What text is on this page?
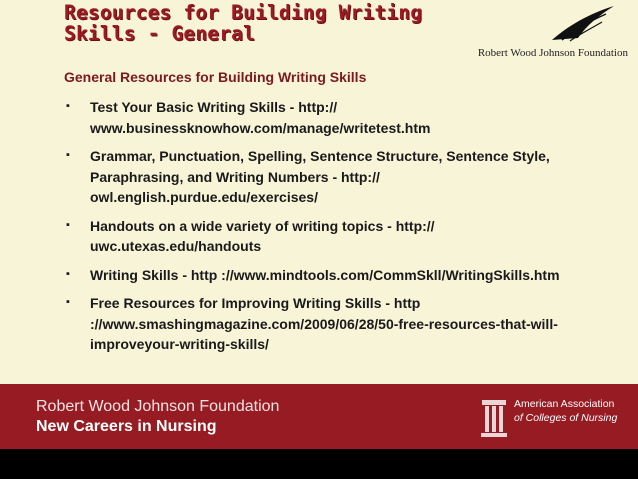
Resources for Building Writing
Skills - General
Robert Wood Johnson Foundation
General Resources for Building Writing Skills
▪	Test Your Basic Writing Skills - http:// www.businessknowhow.com/manage/writetest.htm
▪	Grammar, Punctuation, Spelling, Sentence Structure, Sentence Style, Paraphrasing, and Writing Numbers - http:// owl.english.purdue.edu/exercises/
▪	Handouts on a wide variety of writing topics - http:// uwc.utexas.edu/handouts
▪	Writing Skills - http ://www.mindtools.com/CommSkll/WritingSkills.htm
▪	Free Resources for Improving Writing Skills - http ://www.smashingmagazine.com/2009/06/28/50-free-resources-that-will-improveyour-writing-skills/
Robert Wood Johnson Foundation
New Careers in Nursing
American Association
of Colleges of Nursing
